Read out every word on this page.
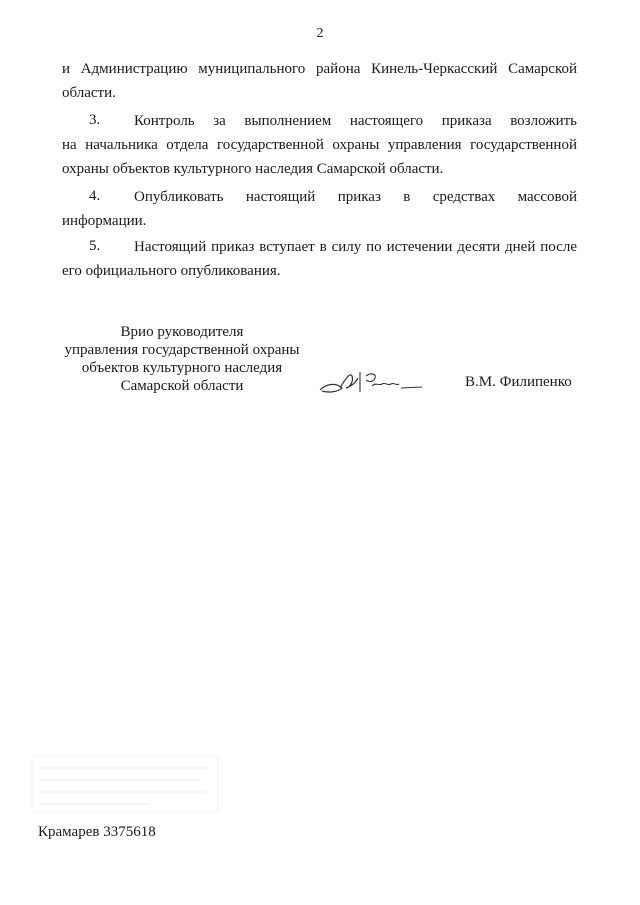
2
и Администрацию муниципального района Кинель-Черкасский Самарской
области.
3.	Контроль за выполнением настоящего приказа возложить
на начальника отдела государственной охраны управления государственной
охраны объектов культурного наследия Самарской области.
4.	Опубликовать настоящий приказ в средствах массовой
информации.
5.	Настоящий приказ вступает в силу по истечении десяти дней после
его официального опубликования.
Врио руководителя
управления государственной охраны
объектов культурного наследия
Самарской области	В.М. Филипенко
Крамарев 3375618
